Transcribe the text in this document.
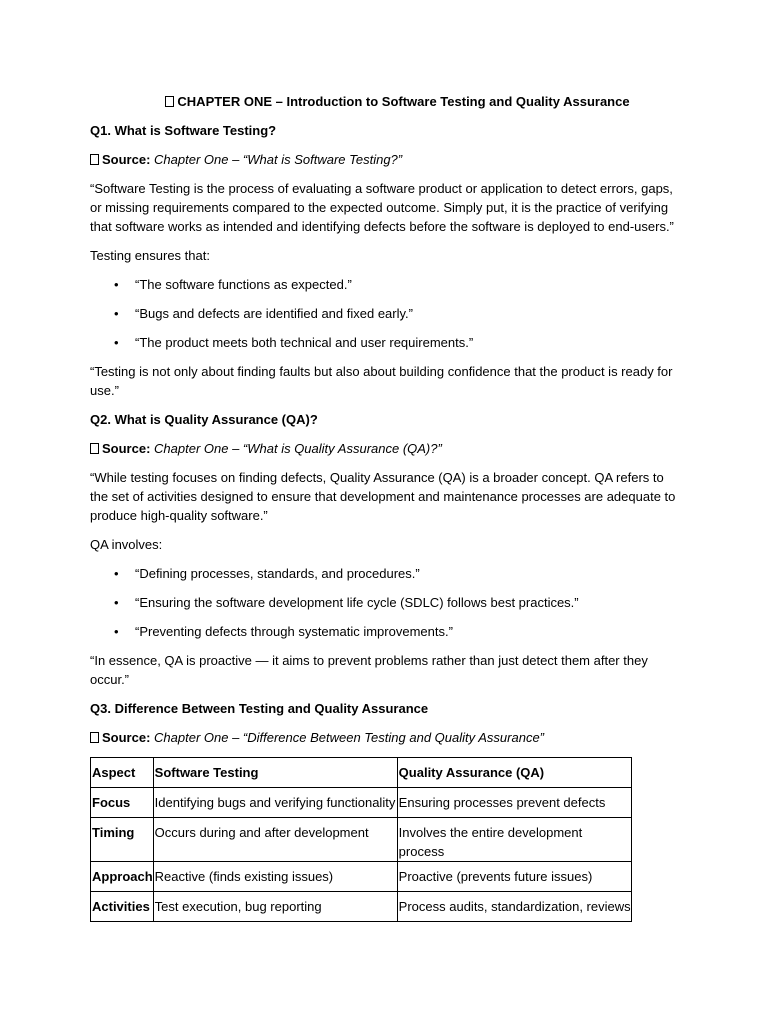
CHAPTER ONE – Introduction to Software Testing and Quality Assurance

Q1. What is Software Testing?

Source: Chapter One – “What is Software Testing?”

“Software Testing is the process of evaluating a software product or application to detect errors, gaps, or missing requirements compared to the expected outcome. Simply put, it is the practice of verifying that software works as intended and identifying defects before the software is deployed to end-users.”

Testing ensures that:

• “The software functions as expected.”
• “Bugs and defects are identified and fixed early.”
• “The product meets both technical and user requirements.”

“Testing is not only about finding faults but also about building confidence that the product is ready for use.”

Q2. What is Quality Assurance (QA)?

Source: Chapter One – “What is Quality Assurance (QA)?”

“While testing focuses on finding defects, Quality Assurance (QA) is a broader concept. QA refers to the set of activities designed to ensure that development and maintenance processes are adequate to produce high-quality software.”

QA involves:

• “Defining processes, standards, and procedures.”
• “Ensuring the software development life cycle (SDLC) follows best practices.”
• “Preventing defects through systematic improvements.”

“In essence, QA is proactive — it aims to prevent problems rather than just detect them after they occur.”

Q3. Difference Between Testing and Quality Assurance

Source: Chapter One – “Difference Between Testing and Quality Assurance”

Aspect	Software Testing	Quality Assurance (QA)
Focus	Identifying bugs and verifying functionality	Ensuring processes prevent defects
Timing	Occurs during and after development	Involves the entire development process
Approach	Reactive (finds existing issues)	Proactive (prevents future issues)
Activities	Test execution, bug reporting	Process audits, standardization, reviews
